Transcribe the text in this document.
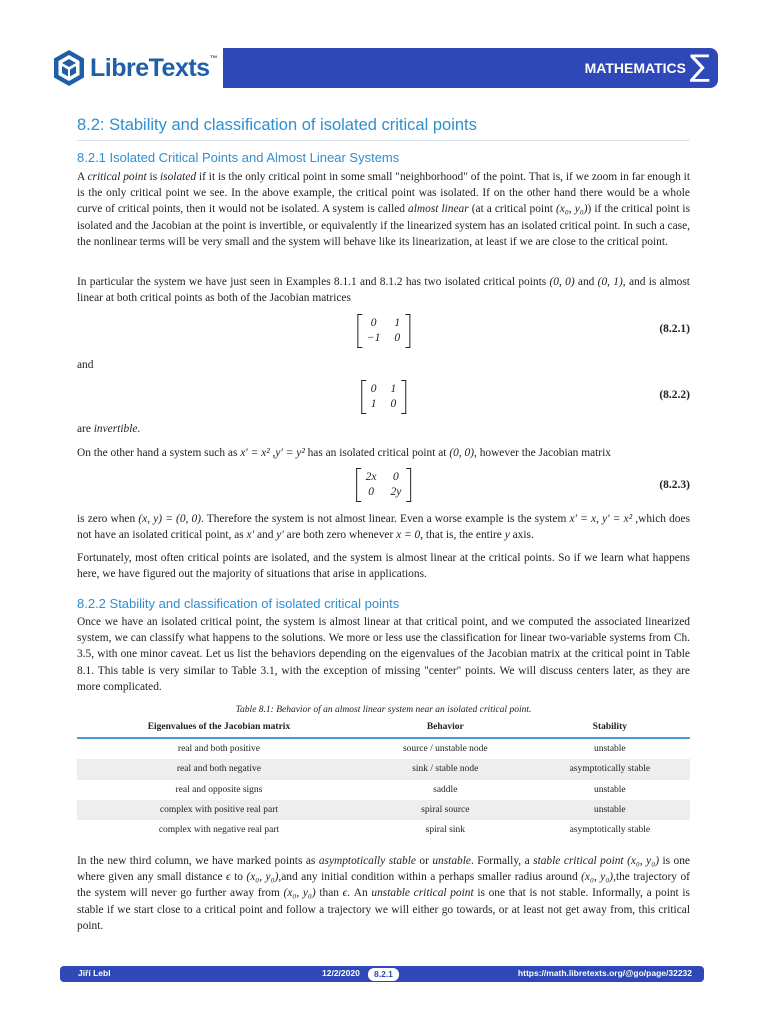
MATHEMATICS ∑
LibreTexts™
8.2: Stability and classification of isolated critical points
8.2.1 Isolated Critical Points and Almost Linear Systems

A critical point is isolated if it is the only critical point in some small "neighborhood" of the point. That is, if we zoom in far enough it is the only critical point we see. In the above example, the critical point was isolated. If on the other hand there would be a whole curve of critical points, then it would not be isolated. A system is called almost linear (at a critical point (x₀, y₀)) if the critical point is isolated and the Jacobian at the point is invertible, or equivalently if the linearized system has an isolated critical point. In such a case, the nonlinear terms will be very small and the system will behave like its linearization, at least if we are close to the critical point.

In particular the system we have just seen in Examples 8.1.1 and 8.1.2 has two isolated critical points (0, 0) and (0, 1), and is almost linear at both critical points as both of the Jacobian matrices

0	1
−1 0
(8.2.1)

and

0 1
1 0
(8.2.2)

are invertible.

On the other hand a system such as x′ = x² ,y′ = y² has an isolated critical point at (0, 0), however the Jacobian matrix

2x 0
0 2y
(8.2.3)

is zero when (x, y) = (0, 0). Therefore the system is not almost linear. Even a worse example is the system x′ = x, y′ = x² ,which does not have an isolated critical point, as x′ and y′ are both zero whenever x = 0, that is, the entire y axis.

Fortunately, most often critical points are isolated, and the system is almost linear at the critical points. So if we learn what happens here, we have figured out the majority of situations that arise in applications.

8.2.2 Stability and classification of isolated critical points

Once we have an isolated critical point, the system is almost linear at that critical point, and we computed the associated linearized system, we can classify what happens to the solutions. We more or less use the classification for linear two-variable systems from Ch. 3.5, with one minor caveat. Let us list the behaviors depending on the eigenvalues of the Jacobian matrix at the critical point in Table 8.1. This table is very similar to Table 3.1, with the exception of missing "center" points. We will discuss centers later, as they are more complicated.

Table 8.1: Behavior of an almost linear system near an isolated critical point.

Eigenvalues of the Jacobian matrix	Behavior	Stability
real and both positive	source / unstable node	unstable
real and both negative	sink / stable node	asymptotically stable
real and opposite signs	saddle	unstable
complex with positive real part	spiral source	unstable
complex with negative real part	spiral sink	asymptotically stable

In the new third column, we have marked points as asymptotically stable or unstable. Formally, a stable critical point (x₀, y₀) is one where given any small distance ϵ to (x₀, y₀),and any initial condition within a perhaps smaller radius around (x₀, y₀),the trajectory of the system will never go further away from (x₀, y₀) than ϵ. An unstable critical point is one that is not stable. Informally, a point is stable if we start close to a critical point and follow a trajectory we will either go towards, or at least not get away from, this critical point.

Jiří Lebl	12/2/2020	8.2.1	https://math.libretexts.org/@go/page/32232
